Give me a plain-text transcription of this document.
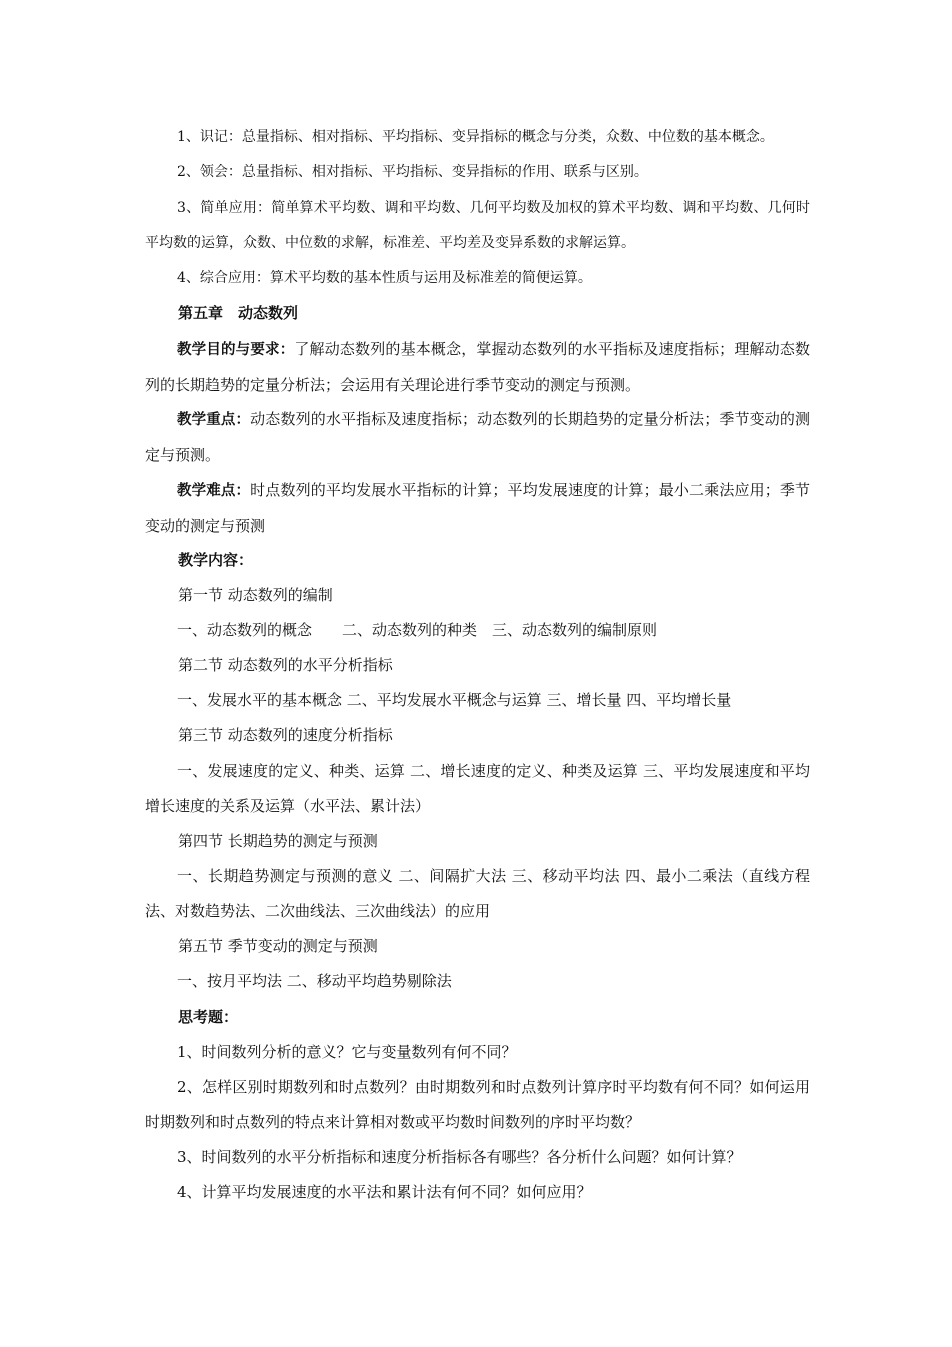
1、识记：总量指标、相对指标、平均指标、变异指标的概念与分类，众数、中位数的基本概念。

2、领会：总量指标、相对指标、平均指标、变异指标的作用、联系与区别。

3、简单应用：简单算术平均数、调和平均数、几何平均数及加权的算术平均数、调和平均数、几何时平均数的运算，众数、中位数的求解，标准差、平均差及变异系数的求解运算。

4、综合应用：算术平均数的基本性质与运用及标准差的简便运算。

第五章　动态数列

教学目的与要求：了解动态数列的基本概念，掌握动态数列的水平指标及速度指标；理解动态数列的长期趋势的定量分析法；会运用有关理论进行季节变动的测定与预测。

教学重点：动态数列的水平指标及速度指标；动态数列的长期趋势的定量分析法；季节变动的测定与预测。

教学难点：时点数列的平均发展水平指标的计算；平均发展速度的计算；最小二乘法应用；季节变动的测定与预测

教学内容：

第一节 动态数列的编制

一、动态数列的概念　　二、动态数列的种类　三、动态数列的编制原则

第二节 动态数列的水平分析指标

一、发展水平的基本概念 二、平均发展水平概念与运算 三、增长量 四、平均增长量

第三节 动态数列的速度分析指标

一、发展速度的定义、种类、运算 二、增长速度的定义、种类及运算 三、平均发展速度和平均增长速度的关系及运算（水平法、累计法）

第四节 长期趋势的测定与预测

一、长期趋势测定与预测的意义 二、间隔扩大法 三、移动平均法 四、最小二乘法（直线方程法、对数趋势法、二次曲线法、三次曲线法）的应用

第五节 季节变动的测定与预测

一、按月平均法 二、移动平均趋势剔除法

思考题：

1、时间数列分析的意义？它与变量数列有何不同？

2、怎样区别时期数列和时点数列？由时期数列和时点数列计算序时平均数有何不同？如何运用时期数列和时点数列的特点来计算相对数或平均数时间数列的序时平均数？

3、时间数列的水平分析指标和速度分析指标各有哪些？各分析什么问题？如何计算？

4、计算平均发展速度的水平法和累计法有何不同？如何应用？
